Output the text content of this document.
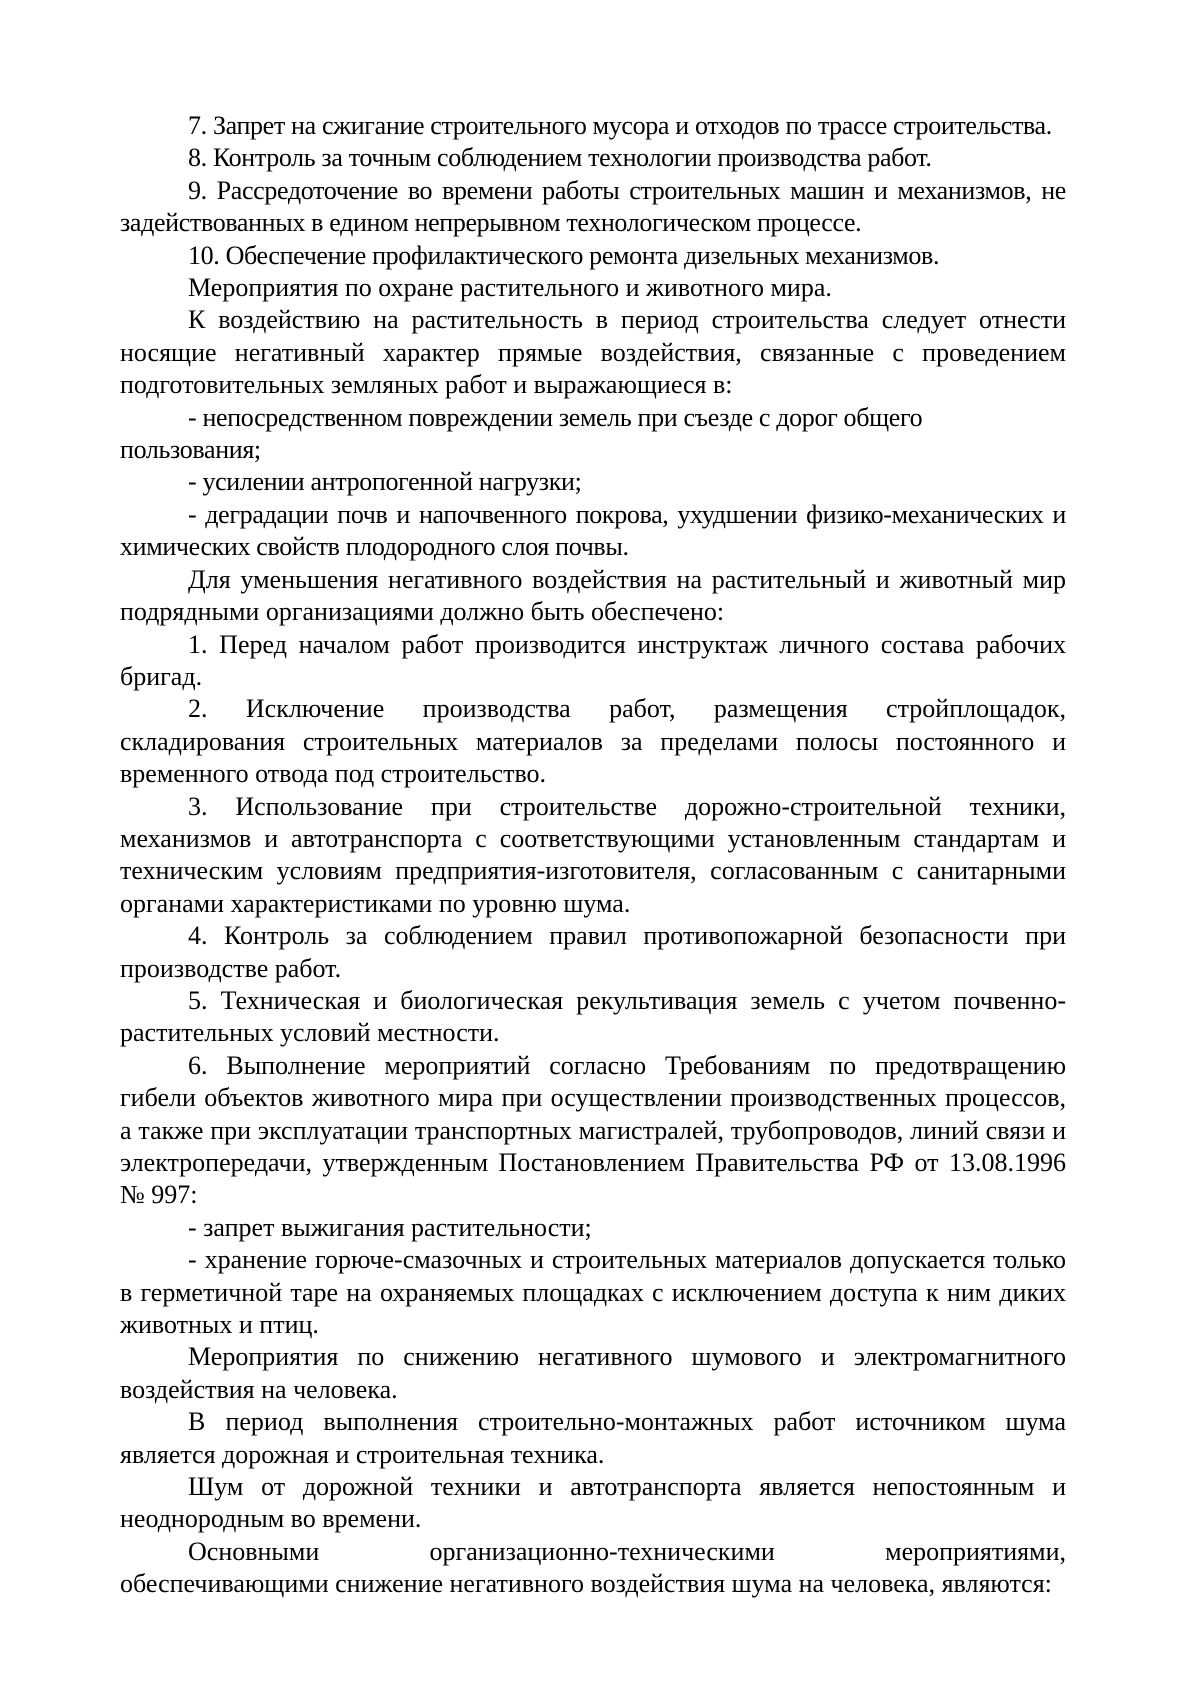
7. Запрет на сжигание строительного мусора и отходов по трассе строительства.

8. Контроль за точным соблюдением технологии производства работ.

9. Рассредоточение во времени работы строительных машин и механизмов, не задействованных в едином непрерывном технологическом процессе.

10. Обеспечение профилактического ремонта дизельных механизмов.

Мероприятия по охране растительного и животного мира.

К воздействию на растительность в период строительства следует отнести носящие негативный характер прямые воздействия, связанные с проведением подготовительных земляных работ и выражающиеся в:

- непосредственном повреждении земель при съезде с дорог общего пользования;

- усилении антропогенной нагрузки;

- деградации почв и напочвенного покрова, ухудшении физико-механических и химических свойств плодородного слоя почвы.

Для уменьшения негативного воздействия на растительный и животный мир подрядными организациями должно быть обеспечено:

1. Перед началом работ производится инструктаж личного состава рабочих бригад.

2. Исключение производства работ, размещения стройплощадок, складирования строительных материалов за пределами полосы постоянного и временного отвода под строительство.

3. Использование при строительстве дорожно-строительной техники, механизмов и автотранспорта с соответствующими установленным стандартам и техническим условиям предприятия-изготовителя, согласованным с санитарными органами характеристиками по уровню шума.

4. Контроль за соблюдением правил противопожарной безопасности при производстве работ.

5. Техническая и биологическая рекультивация земель с учетом почвенно-растительных условий местности.

6. Выполнение мероприятий согласно Требованиям по предотвращению гибели объектов животного мира при осуществлении производственных процессов, а также при эксплуатации транспортных магистралей, трубопроводов, линий связи и электропередачи, утвержденным Постановлением Правительства РФ от 13.08.1996 № 997:

- запрет выжигания растительности;

- хранение горюче-смазочных и строительных материалов допускается только в герметичной таре на охраняемых площадках с исключением доступа к ним диких животных и птиц.

Мероприятия по снижению негативного шумового и электромагнитного воздействия на человека.

В период выполнения строительно-монтажных работ источником шума является дорожная и строительная техника.

Шум от дорожной техники и автотранспорта является непостоянным и неоднородным во времени.

Основными организационно-техническими мероприятиями, обеспечивающими снижение негативного воздействия шума на человека, являются:
